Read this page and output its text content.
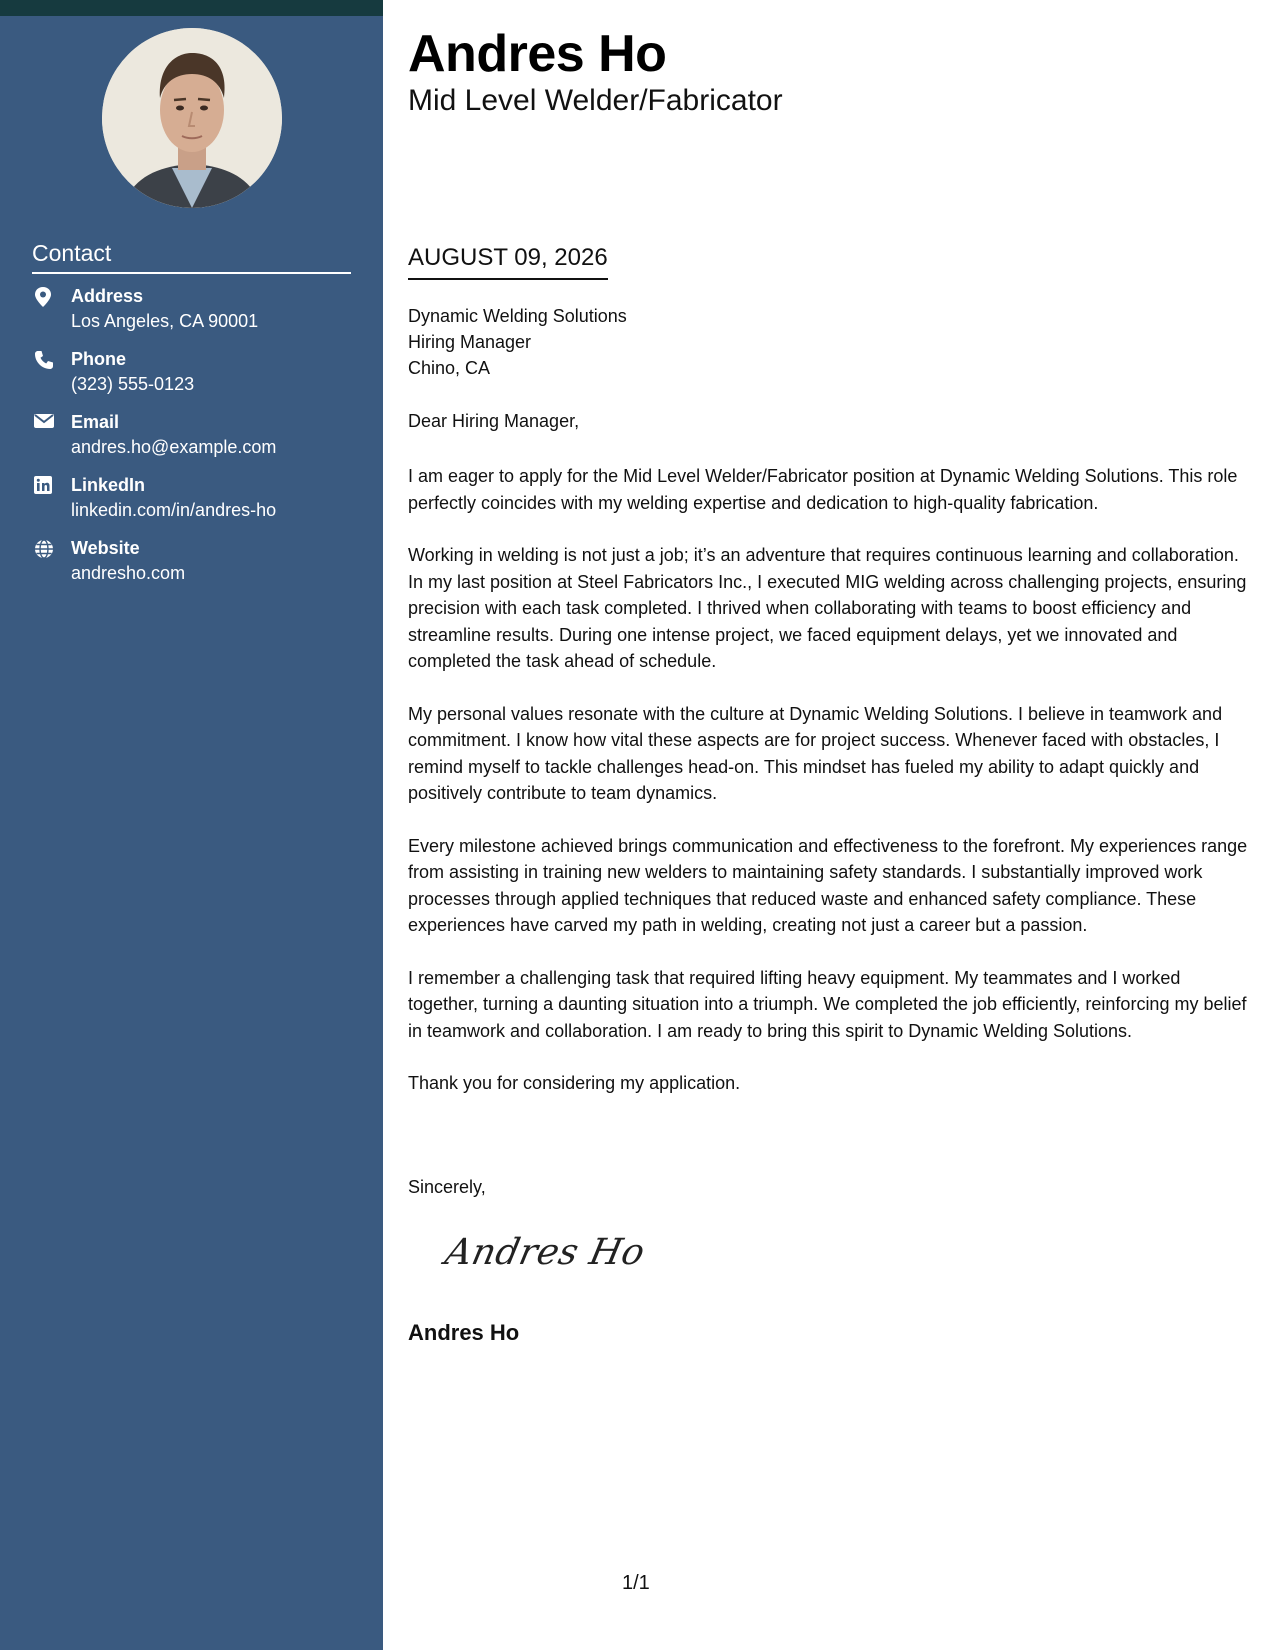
Contact
Address
Los Angeles, CA 90001
Phone
(323) 555-0123
Email
andres.ho@example.com
LinkedIn
linkedin.com/in/andres-ho
Website
andresho.com
Andres Ho
Mid Level Welder/Fabricator
AUGUST 09, 2026
Dynamic Welding Solutions
Hiring Manager
Chino, CA
Dear Hiring Manager,

I am eager to apply for the Mid Level Welder/Fabricator position at Dynamic Welding Solutions. This role perfectly coincides with my welding expertise and dedication to high-quality fabrication.

Working in welding is not just a job; it’s an adventure that requires continuous learning and collaboration. In my last position at Steel Fabricators Inc., I executed MIG welding across challenging projects, ensuring precision with each task completed. I thrived when collaborating with teams to boost efficiency and streamline results. During one intense project, we faced equipment delays, yet we innovated and completed the task ahead of schedule.

My personal values resonate with the culture at Dynamic Welding Solutions. I believe in teamwork and commitment. I know how vital these aspects are for project success. Whenever faced with obstacles, I remind myself to tackle challenges head-on. This mindset has fueled my ability to adapt quickly and positively contribute to team dynamics.

Every milestone achieved brings communication and effectiveness to the forefront. My experiences range from assisting in training new welders to maintaining safety standards. I substantially improved work processes through applied techniques that reduced waste and enhanced safety compliance. These experiences have carved my path in welding, creating not just a career but a passion.

I remember a challenging task that required lifting heavy equipment. My teammates and I worked together, turning a daunting situation into a triumph. We completed the job efficiently, reinforcing my belief in teamwork and collaboration. I am ready to bring this spirit to Dynamic Welding Solutions.

Thank you for considering my application.

Sincerely,
Andres Ho
Andres Ho
1/1
